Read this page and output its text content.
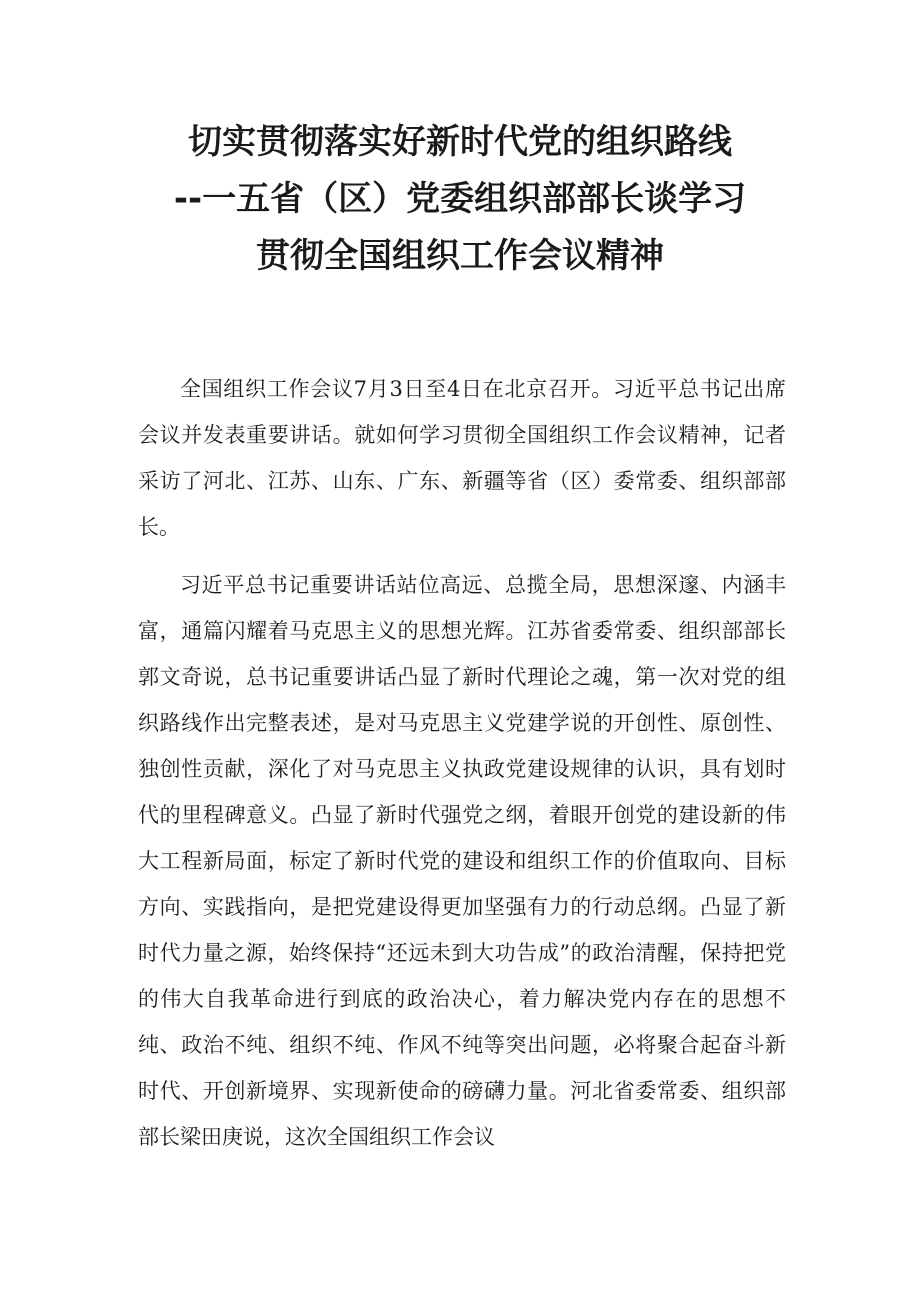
切实贯彻落实好新时代党的组织路线
--一五省（区）党委组织部部长谈学习
贯彻全国组织工作会议精神

全国组织工作会议7月3日至4日在北京召开。习近平总书记出席会议并发表重要讲话。就如何学习贯彻全国组织工作会议精神，记者采访了河北、江苏、山东、广东、新疆等省（区）委常委、组织部部长。

习近平总书记重要讲话站位高远、总揽全局，思想深邃、内涵丰富，通篇闪耀着马克思主义的思想光辉。江苏省委常委、组织部部长郭文奇说，总书记重要讲话凸显了新时代理论之魂，第一次对党的组织路线作出完整表述，是对马克思主义党建学说的开创性、原创性、独创性贡献，深化了对马克思主义执政党建设规律的认识，具有划时代的里程碑意义。凸显了新时代强党之纲，着眼开创党的建设新的伟大工程新局面，标定了新时代党的建设和组织工作的价值取向、目标方向、实践指向，是把党建设得更加坚强有力的行动总纲。凸显了新时代力量之源，始终保持“还远未到大功告成”的政治清醒，保持把党的伟大自我革命进行到底的政治决心，着力解决党内存在的思想不纯、政治不纯、组织不纯、作风不纯等突出问题，必将聚合起奋斗新时代、开创新境界、实现新使命的磅礴力量。河北省委常委、组织部部长梁田庚说，这次全国组织工作会议
